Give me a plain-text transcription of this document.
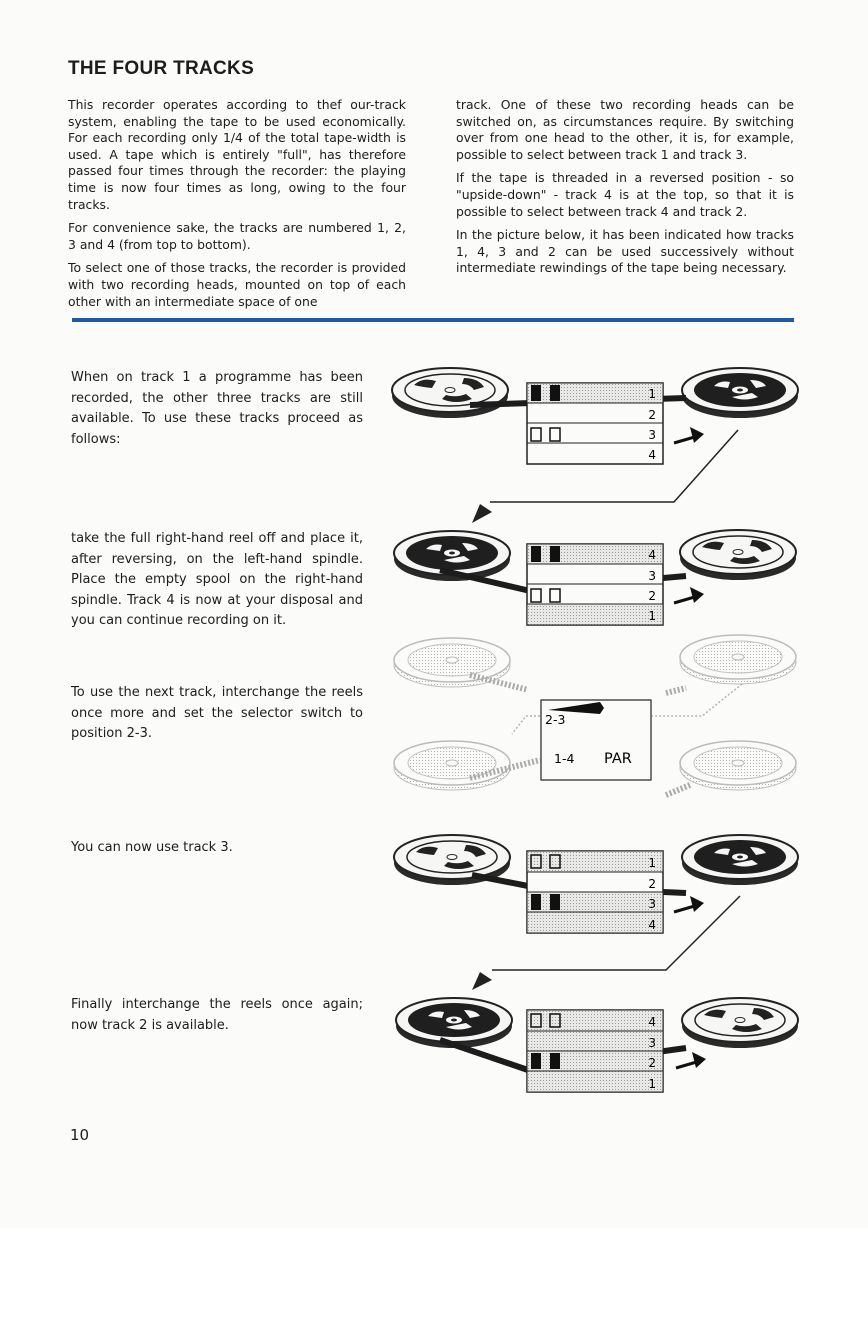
THE FOUR TRACKS

This recorder operates according to thef our-track system, enabling the tape to be used economically. For each recording only 1/4 of the total tape-width is used. A tape which is entirely "full", has therefore passed four times through the recorder: the playing time is now four times as long, owing to the four tracks.

For convenience sake, the tracks are numbered 1, 2, 3 and 4 (from top to bottom).

To select one of those tracks, the recorder is provided with two recording heads, mounted on top of each other with an intermediate space of one

track. One of these two recording heads can be switched on, as circumstances require. By switching over from one head to the other, it is, for example, possible to select between track 1 and track 3.

If the tape is threaded in a reversed position - so "upside-down" - track 4 is at the top, so that it is possible to select between track 4 and track 2.

In the picture below, it has been indicated how tracks 1, 4, 3 and 2 can be used successively without intermediate rewindings of the tape being necessary.

When on track 1 a programme has been recorded, the other three tracks are still available. To use these tracks proceed as follows:

take the full right-hand reel off and place it, after reversing, on the left-hand spindle. Place the empty spool on the right-hand spindle. Track 4 is now at your disposal and you can continue recording on it.

To use the next track, interchange the reels once more and set the selector switch to position 2-3.

You can now use track 3.

Finally interchange the reels once again; now track 2 is available.

1
2
3
4
4
3
2
1
2-3
1-4 PAR
1
2
3
4
4
3
2
1
10
